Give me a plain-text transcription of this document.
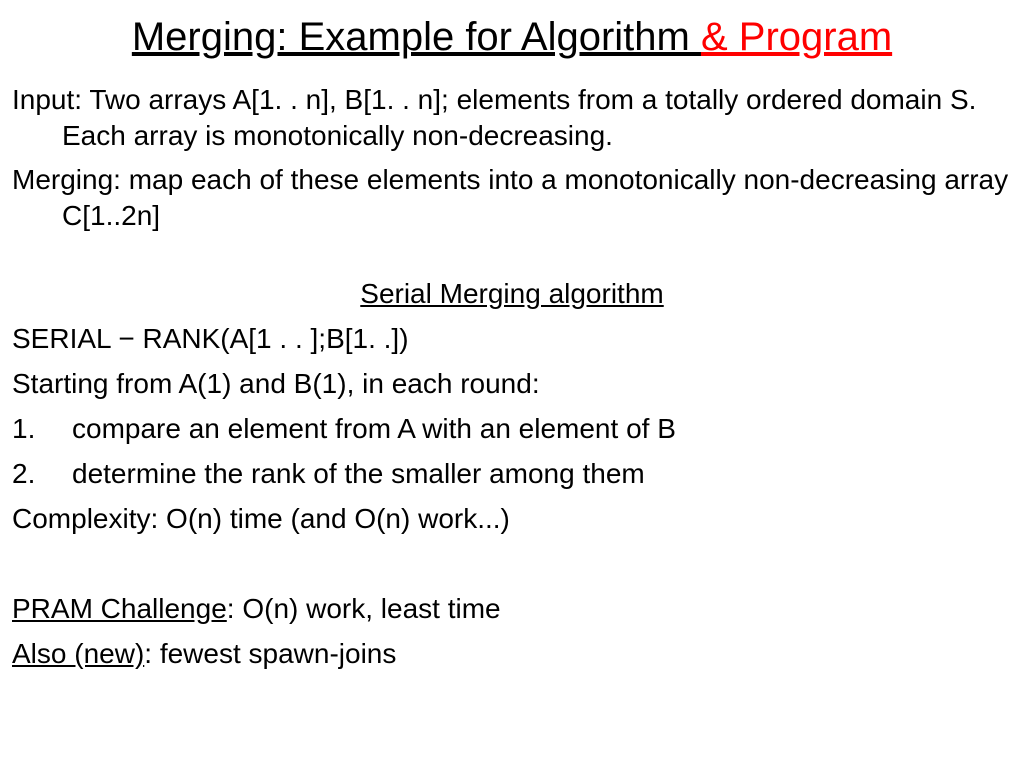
Merging: Example for Algorithm & Program

Input: Two arrays A[1. . n], B[1. . n]; elements from a totally ordered domain S. Each array is monotonically non-decreasing.

Merging: map each of these elements into a monotonically non-decreasing array C[1..2n]

Serial Merging algorithm

SERIAL − RANK(A[1 . . ];B[1. .])

Starting from A(1) and B(1), in each round:

1. compare an element from A with an element of B

2. determine the rank of the smaller among them

Complexity: O(n) time (and O(n) work...)

PRAM Challenge: O(n) work, least time

Also (new): fewest spawn-joins
